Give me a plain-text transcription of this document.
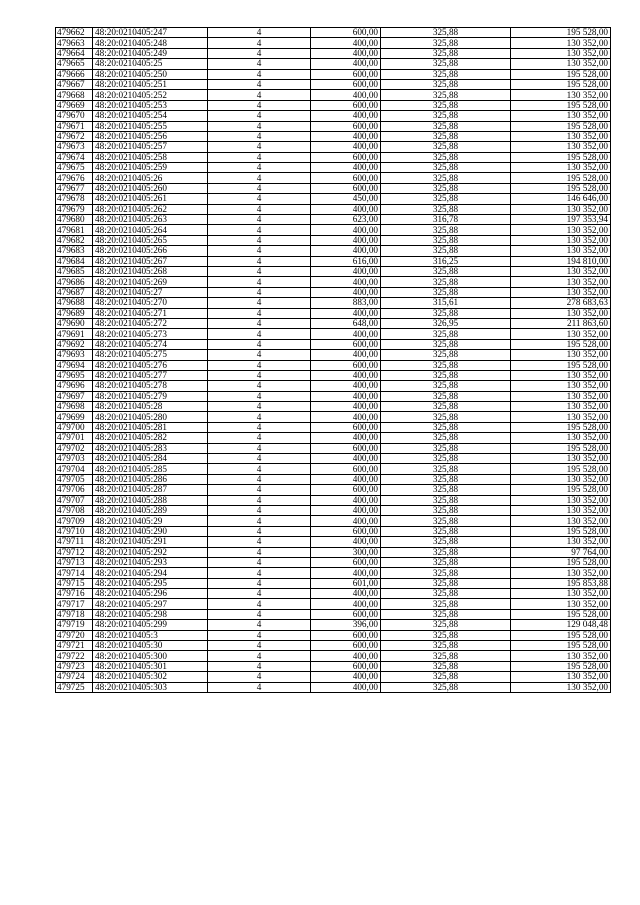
479662	48:20:0210405:247	4	600,00	325,88	195 528,00
479663	48:20:0210405:248	4	400,00	325,88	130 352,00
479664	48:20:0210405:249	4	400,00	325,88	130 352,00
479665	48:20:0210405:25	4	400,00	325,88	130 352,00
479666	48:20:0210405:250	4	600,00	325,88	195 528,00
479667	48:20:0210405:251	4	600,00	325,88	195 528,00
479668	48:20:0210405:252	4	400,00	325,88	130 352,00
479669	48:20:0210405:253	4	600,00	325,88	195 528,00
479670	48:20:0210405:254	4	400,00	325,88	130 352,00
479671	48:20:0210405:255	4	600,00	325,88	195 528,00
479672	48:20:0210405:256	4	400,00	325,88	130 352,00
479673	48:20:0210405:257	4	400,00	325,88	130 352,00
479674	48:20:0210405:258	4	600,00	325,88	195 528,00
479675	48:20:0210405:259	4	400,00	325,88	130 352,00
479676	48:20:0210405:26	4	600,00	325,88	195 528,00
479677	48:20:0210405:260	4	600,00	325,88	195 528,00
479678	48:20:0210405:261	4	450,00	325,88	146 646,00
479679	48:20:0210405:262	4	400,00	325,88	130 352,00
479680	48:20:0210405:263	4	623,00	316,78	197 353,94
479681	48:20:0210405:264	4	400,00	325,88	130 352,00
479682	48:20:0210405:265	4	400,00	325,88	130 352,00
479683	48:20:0210405:266	4	400,00	325,88	130 352,00
479684	48:20:0210405:267	4	616,00	316,25	194 810,00
479685	48:20:0210405:268	4	400,00	325,88	130 352,00
479686	48:20:0210405:269	4	400,00	325,88	130 352,00
479687	48:20:0210405:27	4	400,00	325,88	130 352,00
479688	48:20:0210405:270	4	883,00	315,61	278 683,63
479689	48:20:0210405:271	4	400,00	325,88	130 352,00
479690	48:20:0210405:272	4	648,00	326,95	211 863,60
479691	48:20:0210405:273	4	400,00	325,88	130 352,00
479692	48:20:0210405:274	4	600,00	325,88	195 528,00
479693	48:20:0210405:275	4	400,00	325,88	130 352,00
479694	48:20:0210405:276	4	600,00	325,88	195 528,00
479695	48:20:0210405:277	4	400,00	325,88	130 352,00
479696	48:20:0210405:278	4	400,00	325,88	130 352,00
479697	48:20:0210405:279	4	400,00	325,88	130 352,00
479698	48:20:0210405:28	4	400,00	325,88	130 352,00
479699	48:20:0210405:280	4	400,00	325,88	130 352,00
479700	48:20:0210405:281	4	600,00	325,88	195 528,00
479701	48:20:0210405:282	4	400,00	325,88	130 352,00
479702	48:20:0210405:283	4	600,00	325,88	195 528,00
479703	48:20:0210405:284	4	400,00	325,88	130 352,00
479704	48:20:0210405:285	4	600,00	325,88	195 528,00
479705	48:20:0210405:286	4	400,00	325,88	130 352,00
479706	48:20:0210405:287	4	600,00	325,88	195 528,00
479707	48:20:0210405:288	4	400,00	325,88	130 352,00
479708	48:20:0210405:289	4	400,00	325,88	130 352,00
479709	48:20:0210405:29	4	400,00	325,88	130 352,00
479710	48:20:0210405:290	4	600,00	325,88	195 528,00
479711	48:20:0210405:291	4	400,00	325,88	130 352,00
479712	48:20:0210405:292	4	300,00	325,88	97 764,00
479713	48:20:0210405:293	4	600,00	325,88	195 528,00
479714	48:20:0210405:294	4	400,00	325,88	130 352,00
479715	48:20:0210405:295	4	601,00	325,88	195 853,88
479716	48:20:0210405:296	4	400,00	325,88	130 352,00
479717	48:20:0210405:297	4	400,00	325,88	130 352,00
479718	48:20:0210405:298	4	600,00	325,88	195 528,00
479719	48:20:0210405:299	4	396,00	325,88	129 048,48
479720	48:20:0210405:3	4	600,00	325,88	195 528,00
479721	48:20:0210405:30	4	600,00	325,88	195 528,00
479722	48:20:0210405:300	4	400,00	325,88	130 352,00
479723	48:20:0210405:301	4	600,00	325,88	195 528,00
479724	48:20:0210405:302	4	400,00	325,88	130 352,00
479725	48:20:0210405:303	4	400,00	325,88	130 352,00
